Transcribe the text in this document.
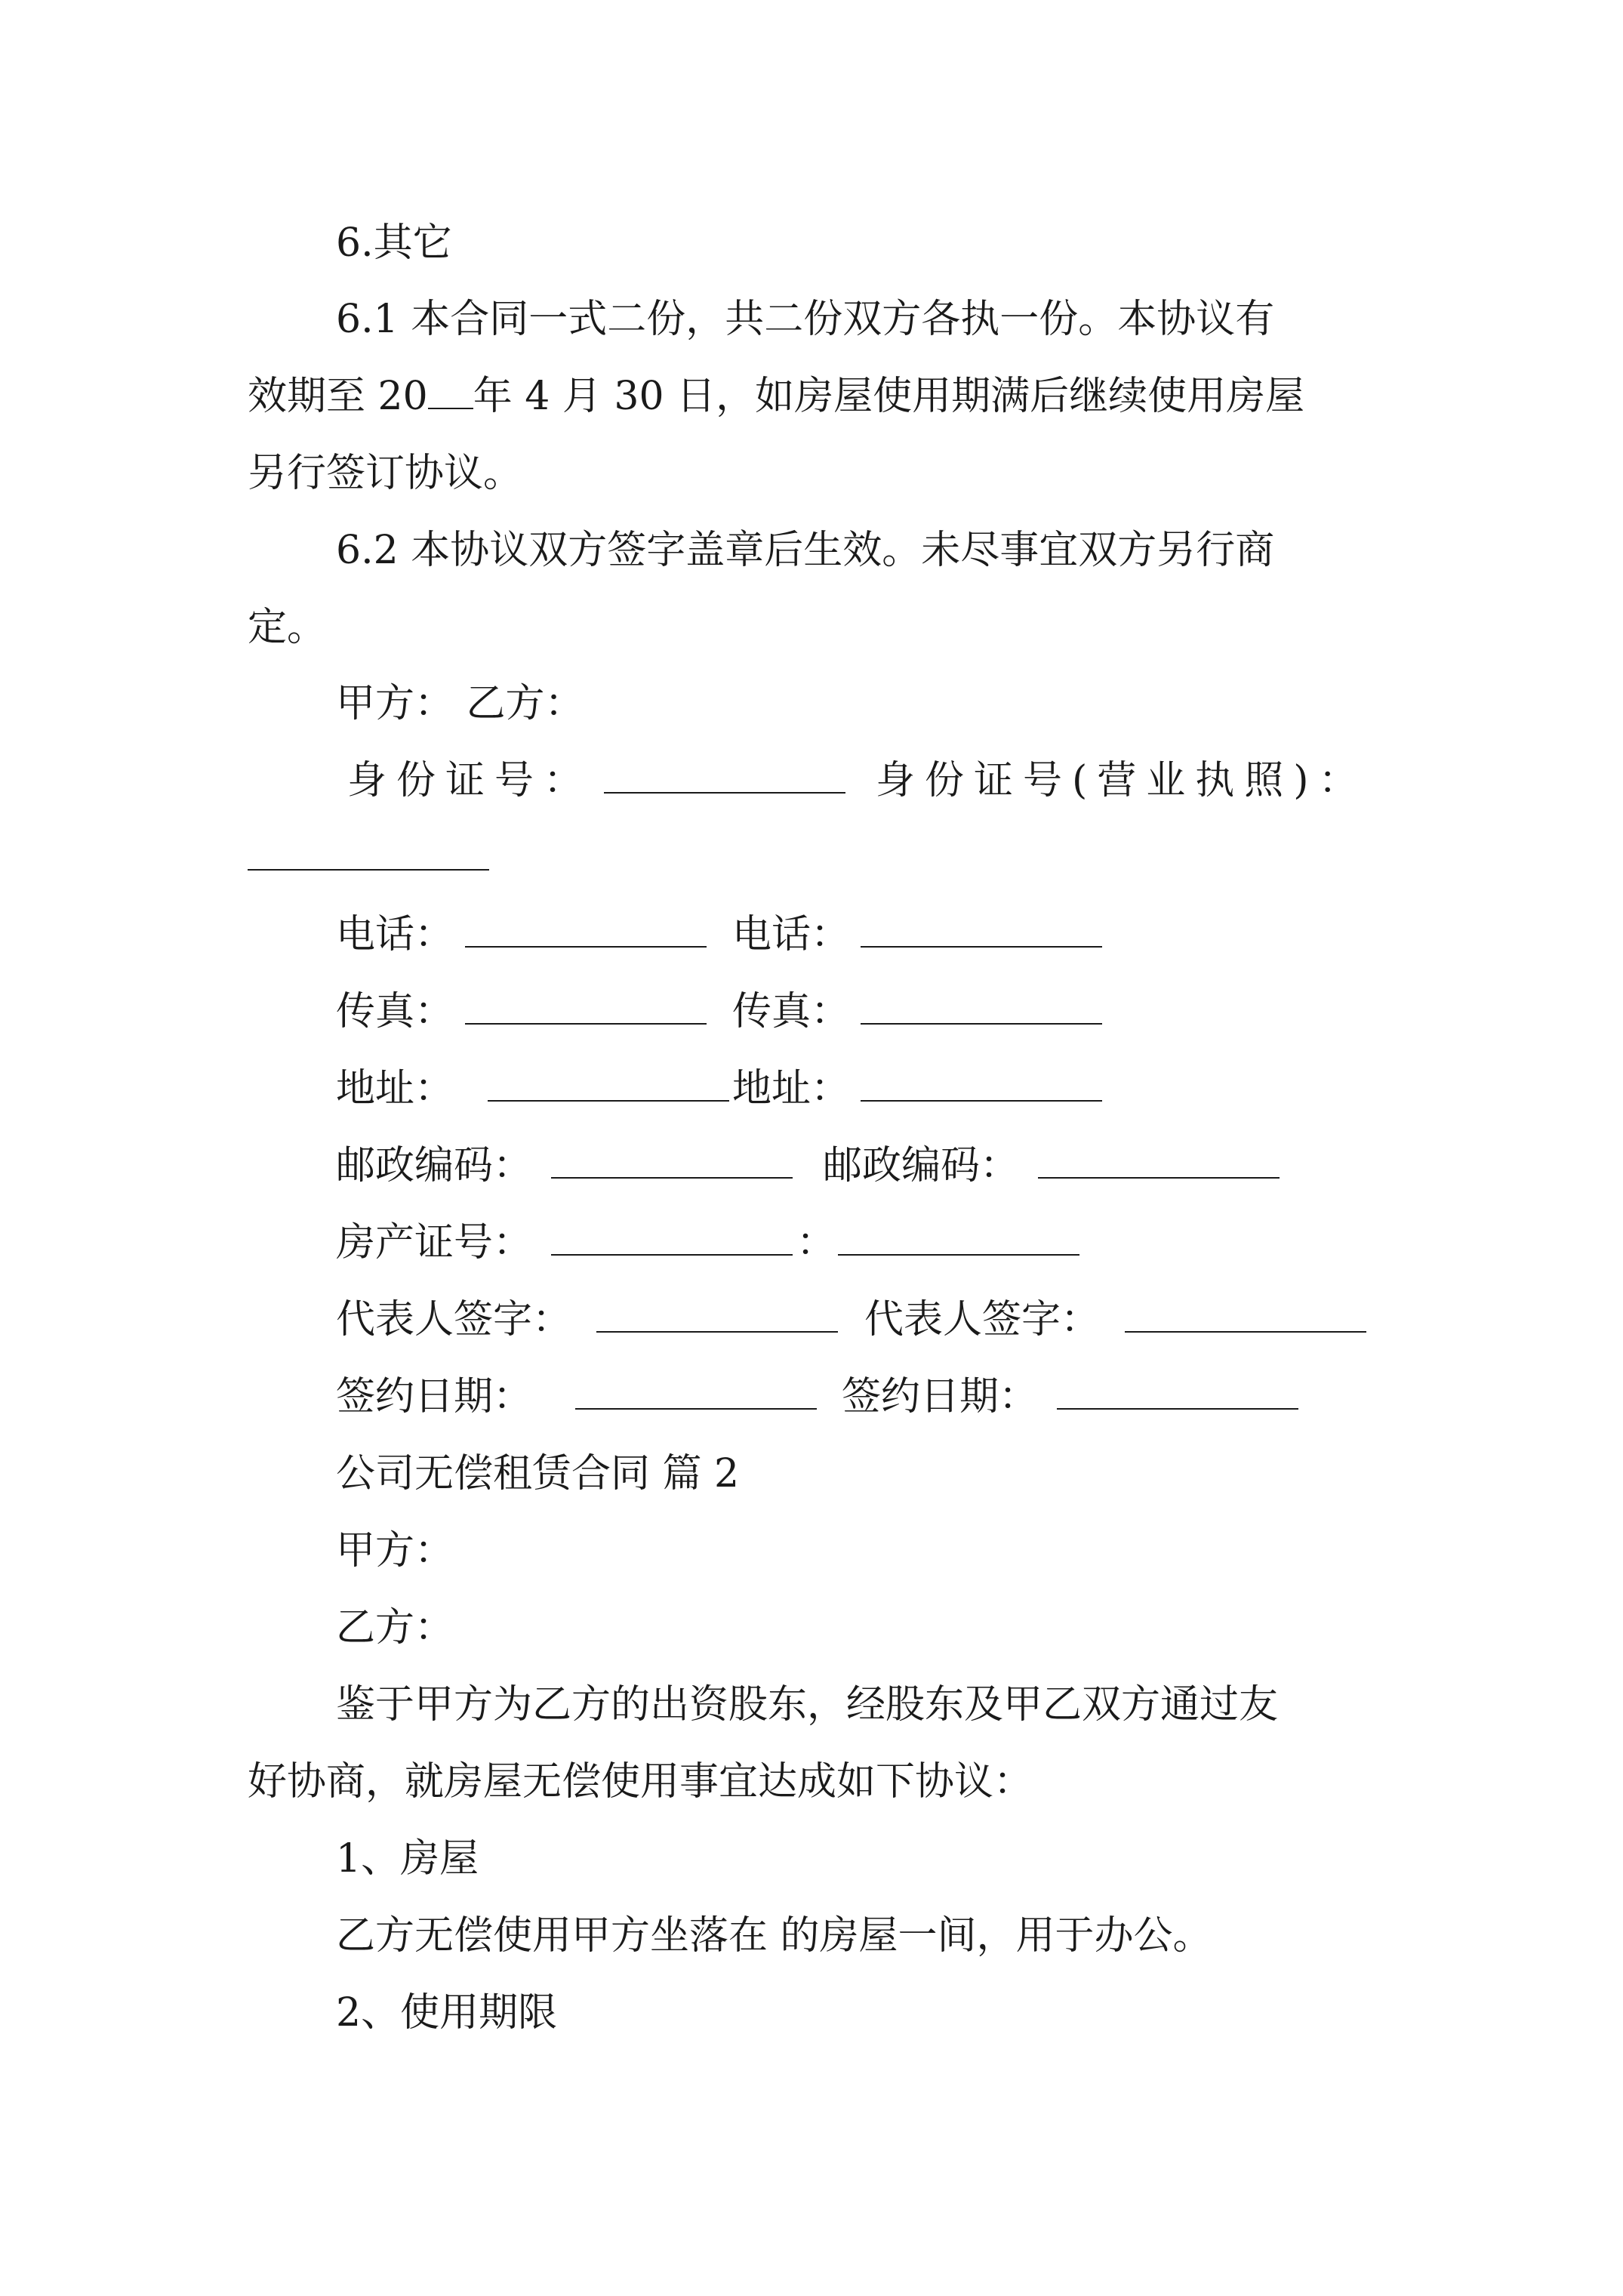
6.其它
6.1 本合同一式二份，共二份双方各执一份。本协议有
效期至 20 年 4 月 30 日，如房屋使用期满后继续使用房屋
另行签订协议。
6.2 本协议双方签字盖章后生效。未尽事宜双方另行商
定。
甲方： 乙方：
身份证号：	身份证号(营业执照)：
电话：	电话：
传真：	传真：
地址：	地址：
邮政编码：	邮政编码：
房产证号：	：
代表人签字：	代表人签字：
签约日期：	签约日期：
公司无偿租赁合同 篇 2
甲方：
乙方：
鉴于甲方为乙方的出资股东，经股东及甲乙双方通过友
好协商，就房屋无偿使用事宜达成如下协议：
1、房屋
乙方无偿使用甲方坐落在 的房屋一间，用于办公。
2、使用期限
